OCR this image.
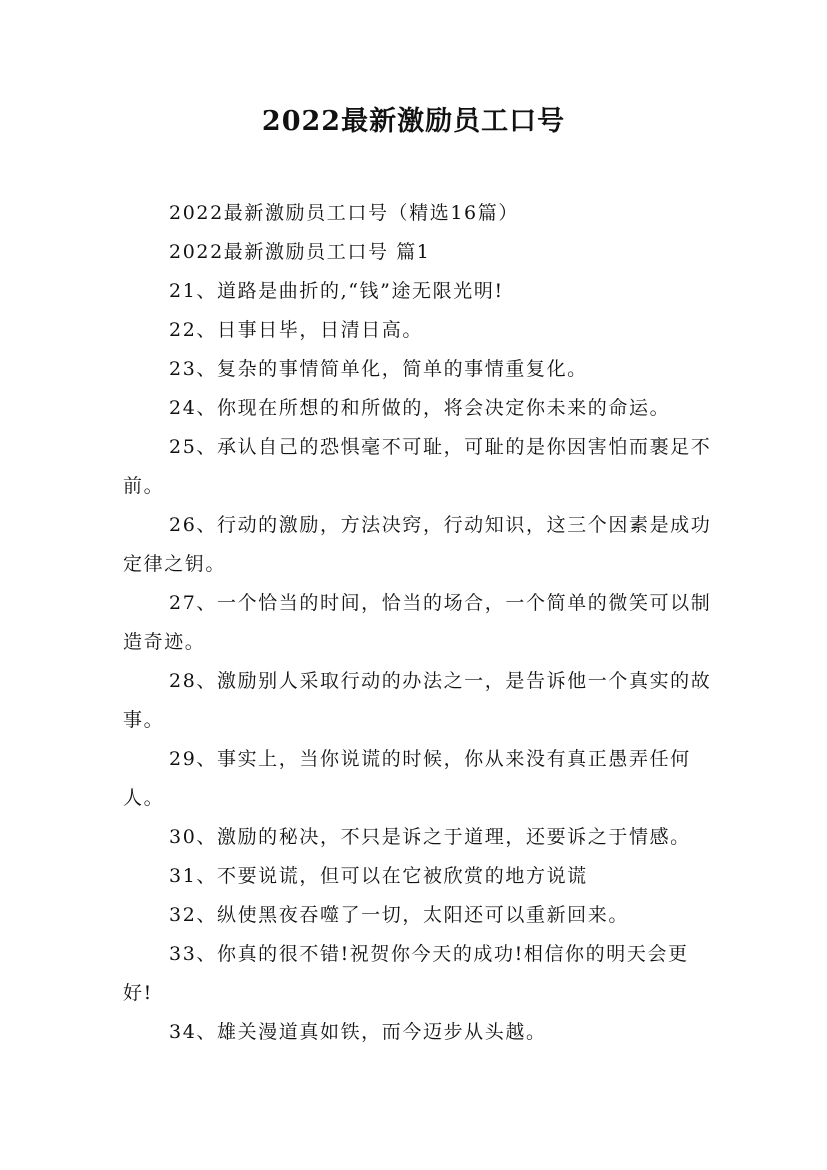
2022最新激励员工口号

2022最新激励员工口号（精选16篇）

2022最新激励员工口号 篇1

21、道路是曲折的,“钱”途无限光明!

22、日事日毕，日清日高。

23、复杂的事情简单化，简单的事情重复化。

24、你现在所想的和所做的，将会决定你未来的命运。

25、承认自己的恐惧毫不可耻，可耻的是你因害怕而裹足不前。

26、行动的激励，方法决窍，行动知识，这三个因素是成功定律之钥。

27、一个恰当的时间，恰当的场合，一个简单的微笑可以制造奇迹。

28、激励别人采取行动的办法之一，是告诉他一个真实的故事。

29、事实上，当你说谎的时候，你从来没有真正愚弄任何人。

30、激励的秘决，不只是诉之于道理，还要诉之于情感。

31、不要说谎，但可以在它被欣赏的地方说谎

32、纵使黑夜吞噬了一切，太阳还可以重新回来。

33、你真的很不错!祝贺你今天的成功!相信你的明天会更好!

34、雄关漫道真如铁，而今迈步从头越。
